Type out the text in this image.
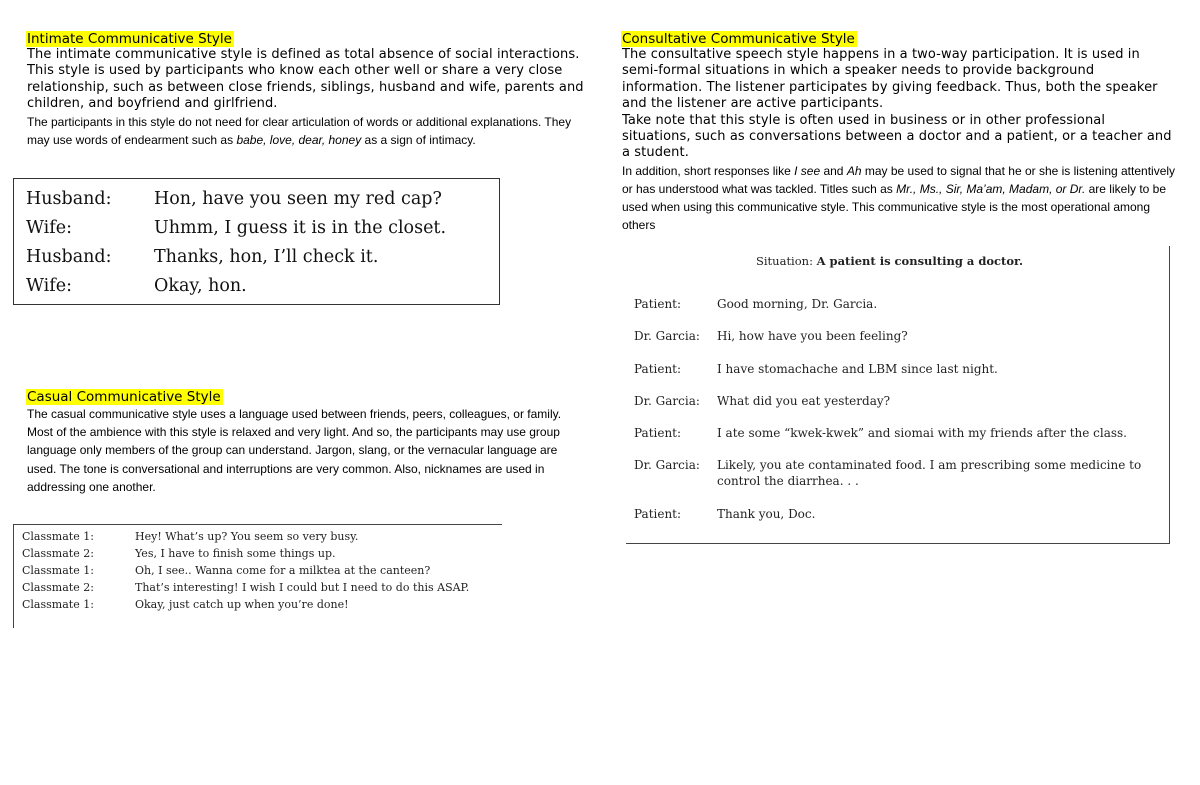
Intimate Communicative Style

The intimate communicative style is defined as total absence of social interactions. This style is used by participants who know each other well or share a very close relationship, such as between close friends, siblings, husband and wife, parents and children, and boyfriend and girlfriend.

The participants in this style do not need for clear articulation of words or additional explanations. They may use words of endearment such as babe, love, dear, honey as a sign of intimacy.

Husband:	Hon, have you seen my red cap?
Wife:	Uhmm, I guess it is in the closet.
Husband:	Thanks, hon, I’ll check it.
Wife:	Okay, hon.
Casual Communicative Style

The casual communicative style uses a language used between friends, peers, colleagues, or family. Most of the ambience with this style is relaxed and very light. And so, the participants may use group language only members of the group can understand. Jargon, slang, or the vernacular language are used. The tone is conversational and interruptions are very common. Also, nicknames are used in addressing one another.

Classmate 1:	Hey! What’s up? You seem so very busy.
Classmate 2:	Yes, I have to finish some things up.
Classmate 1:	Oh, I see.. Wanna come for a milktea at the canteen?
Classmate 2:	That’s interesting! I wish I could but I need to do this ASAP.
Classmate 1:	Okay, just catch up when you’re done!
Consultative Communicative Style

The consultative speech style happens in a two-way participation. It is used in semi-formal situations in which a speaker needs to provide background information. The listener participates by giving feedback. Thus, both the speaker and the listener are active participants.

Take note that this style is often used in business or in other professional situations, such as conversations between a doctor and a patient, or a teacher and a student.

In addition, short responses like I see and Ah may be used to signal that he or she is listening attentively or has understood what was tackled. Titles such as Mr., Ms., Sir, Ma’am, Madam, or Dr. are likely to be used when using this communicative style. This communicative style is the most operational among others

Situation: A patient is consulting a doctor.
Patient:	Good morning, Dr. Garcia.
Dr. Garcia:	Hi, how have you been feeling?
Patient:	I have stomachache and LBM since last night.
Dr. Garcia:	What did you eat yesterday?
Patient:	I ate some “kwek-kwek” and siomai with my friends after the class.
Dr. Garcia:	Likely, you ate contaminated food. I am prescribing some medicine to control the diarrhea. . .
Patient:	Thank you, Doc.
